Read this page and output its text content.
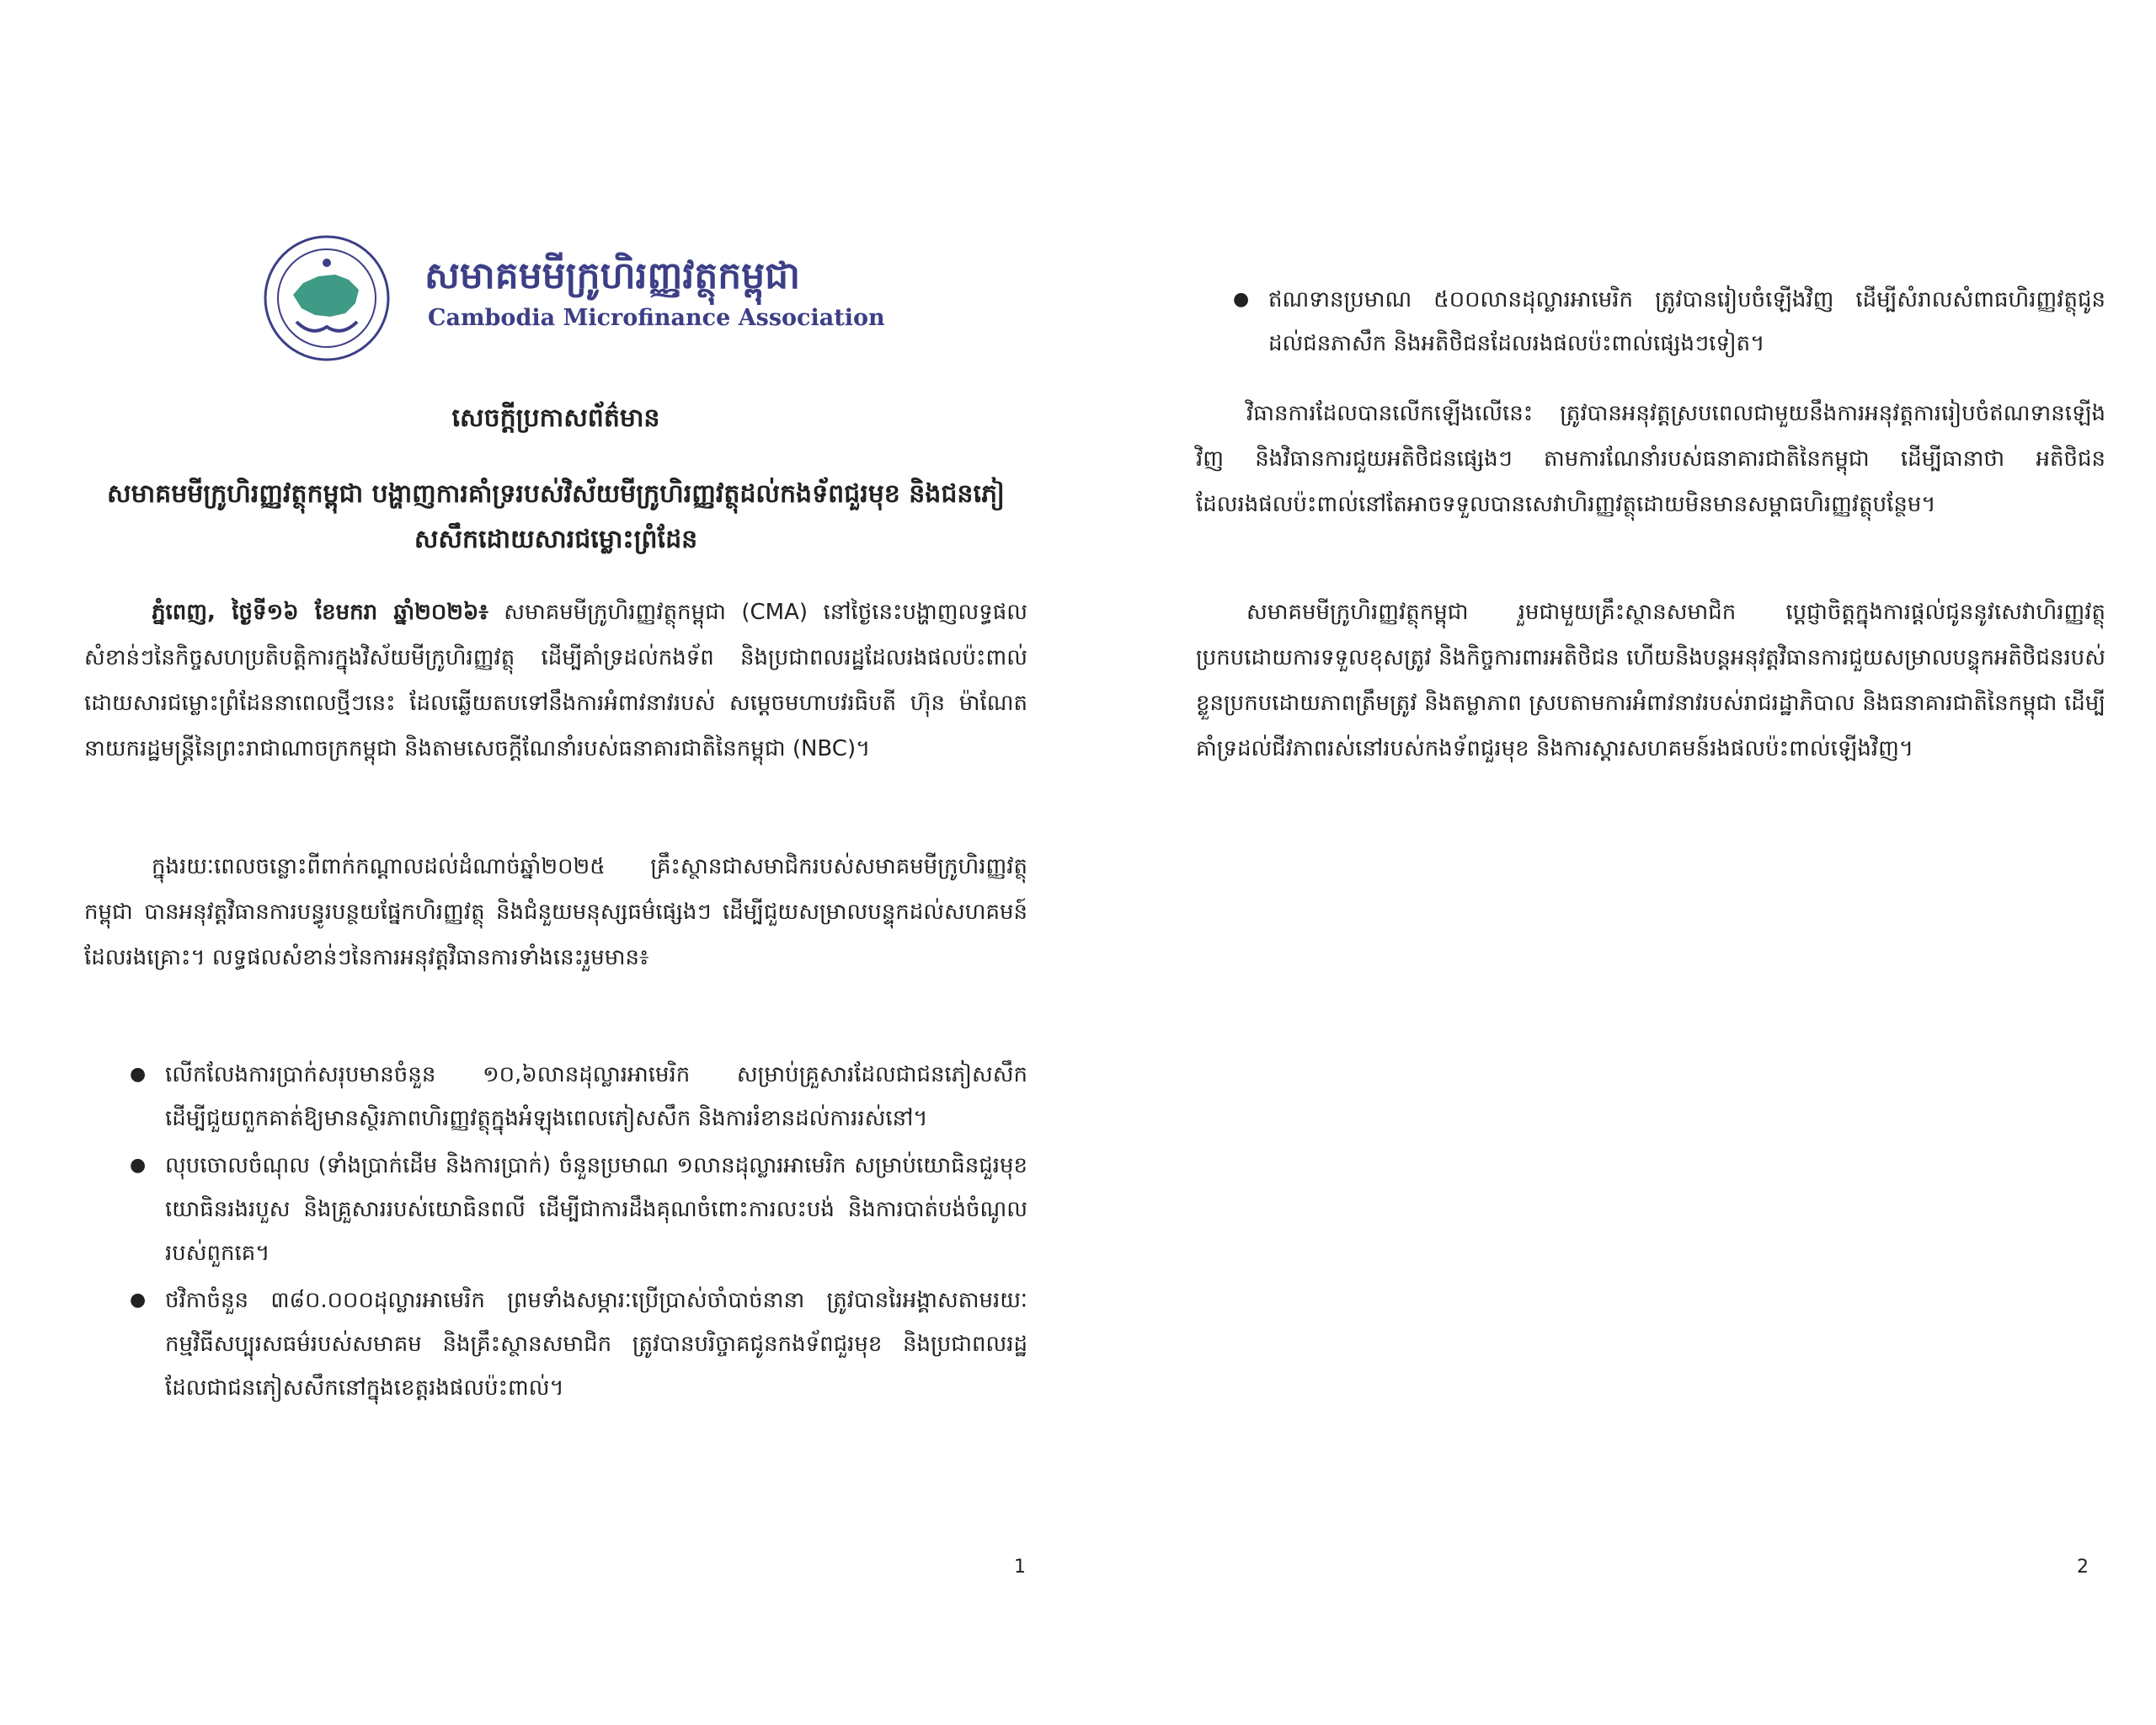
សមាគមមីក្រូហិរញ្ញវត្ថុកម្ពុជា
Cambodia Microfinance Association
សេចក្តីប្រកាសព័ត៌មាន
សមាគមមីក្រូហិរញ្ញវត្ថុកម្ពុជា បង្ហាញការគាំទ្ររបស់វិស័យមីក្រូហិរញ្ញវត្ថុដល់កងទ័ពជួរមុខ និងជនភៀសសឹកដោយសារជម្លោះព្រំដែន
ភ្នំពេញ, ថ្ងៃទី១៦ ខែមករា ឆ្នាំ២០២៦៖ សមាគមមីក្រូហិរញ្ញវត្ថុកម្ពុជា (CMA) នៅថ្ងៃនេះបង្ហាញលទ្ធផលសំខាន់ៗនៃកិច្ចសហប្រតិបត្តិការក្នុងវិស័យមីក្រូហិរញ្ញវត្ថុ ដើម្បីគាំទ្រដល់កងទ័ព និងប្រជាពលរដ្ឋដែលរងផលប៉ះពាល់ដោយសារជម្លោះព្រំដែននាពេលថ្មីៗនេះ ដែលឆ្លើយតបទៅនឹងការអំពាវនាវរបស់ សម្តេចមហាបវរធិបតី ហ៊ុន ម៉ាណែត នាយករដ្ឋមន្ត្រីនៃព្រះរាជាណាចក្រកម្ពុជា និងតាមសេចក្តីណែនាំរបស់ធនាគារជាតិនៃកម្ពុជា (NBC)។
ក្នុងរយៈពេលចន្លោះពីពាក់កណ្តាលដល់ដំណាច់ឆ្នាំ២០២៥ គ្រឹះស្ថានជាសមាជិករបស់សមាគមមីក្រូហិរញ្ញវត្ថុកម្ពុជា បានអនុវត្តវិធានការបន្ធូរបន្ថយផ្នែកហិរញ្ញវត្ថុ និងជំនួយមនុស្សធម៌ផ្សេងៗ ដើម្បីជួយសម្រាលបន្ទុកដល់សហគមន៍ដែលរងគ្រោះ។ លទ្ធផលសំខាន់ៗនៃការអនុវត្តវិធានការទាំងនេះរួមមាន៖
● លើកលែងការប្រាក់សរុបមានចំនួន ១០,៦លានដុល្លារអាមេរិក សម្រាប់គ្រួសារដែលជាជនភៀសសឹក ដើម្បីជួយពួកគាត់ឱ្យមានស្ថិរភាពហិរញ្ញវត្ថុក្នុងអំឡុងពេលភៀសសឹក និងការរំខានដល់ការរស់នៅ។
● លុបចោលចំណុល (ទាំងប្រាក់ដើម និងការប្រាក់) ចំនួនប្រមាណ ១លានដុល្លារអាមេរិក សម្រាប់យោធិនជួរមុខ យោធិនរងរបួស និងគ្រួសាររបស់យោធិនពលី ដើម្បីជាការដឹងគុណចំពោះការលះបង់ និងការបាត់បង់ចំណូលរបស់ពួកគេ។
● ថវិកាចំនួន ៣៨០.០០០ដុល្លារអាមេរិក ព្រមទាំងសម្ភារៈប្រើប្រាស់ចាំបាច់នានា ត្រូវបានរៃអង្គាសតាមរយៈកម្មវិធីសប្បុរសធម៌របស់សមាគម និងគ្រឹះស្ថានសមាជិក ត្រូវបានបរិច្ចាគជូនកងទ័ពជួរមុខ និងប្រជាពលរដ្ឋដែលជាជនភៀសសឹកនៅក្នុងខេត្តរងផលប៉ះពាល់។
1
● ឥណទានប្រមាណ ៥០០លានដុល្លារអាមេរិក ត្រូវបានរៀបចំឡើងវិញ ដើម្បីសំរាលសំពាធហិរញ្ញវត្ថុជូនដល់ជនភាសឹក និងអតិថិជនដែលរងផលប៉ះពាល់ផ្សេងៗទៀត។
វិធានការដែលបានលើកឡើងលើនេះ ត្រូវបានអនុវត្តស្របពេលជាមួយនឹងការអនុវត្តការរៀបចំឥណទានឡើងវិញ និងវិធានការជួយអតិថិជនផ្សេងៗ តាមការណែនាំរបស់ធនាគារជាតិនៃកម្ពុជា ដើម្បីធានាថា អតិថិជនដែលរងផលប៉ះពាល់នៅតែអាចទទួលបានសេវាហិរញ្ញវត្ថុដោយមិនមានសម្ពាធហិរញ្ញវត្ថុបន្ថែម។
សមាគមមីក្រូហិរញ្ញវត្ថុកម្ពុជា រួមជាមួយគ្រឹះស្ថានសមាជិក ប្តេជ្ញាចិត្តក្នុងការផ្តល់ជូននូវសេវាហិរញ្ញវត្ថុប្រកបដោយការទទួលខុសត្រូវ និងកិច្ចការពារអតិថិជន ហើយនិងបន្តអនុវត្តវិធានការជួយសម្រាលបន្ទុកអតិថិជនរបស់ខ្លួនប្រកបដោយភាពត្រឹមត្រូវ និងតម្លាភាព ស្របតាមការអំពាវនាវរបស់រាជរដ្ឋាភិបាល និងធនាគារជាតិនៃកម្ពុជា ដើម្បីគាំទ្រដល់ជីវភាពរស់នៅរបស់កងទ័ពជួរមុខ និងការស្តារសហគមន៍រងផលប៉ះពាល់ឡើងវិញ។
2
